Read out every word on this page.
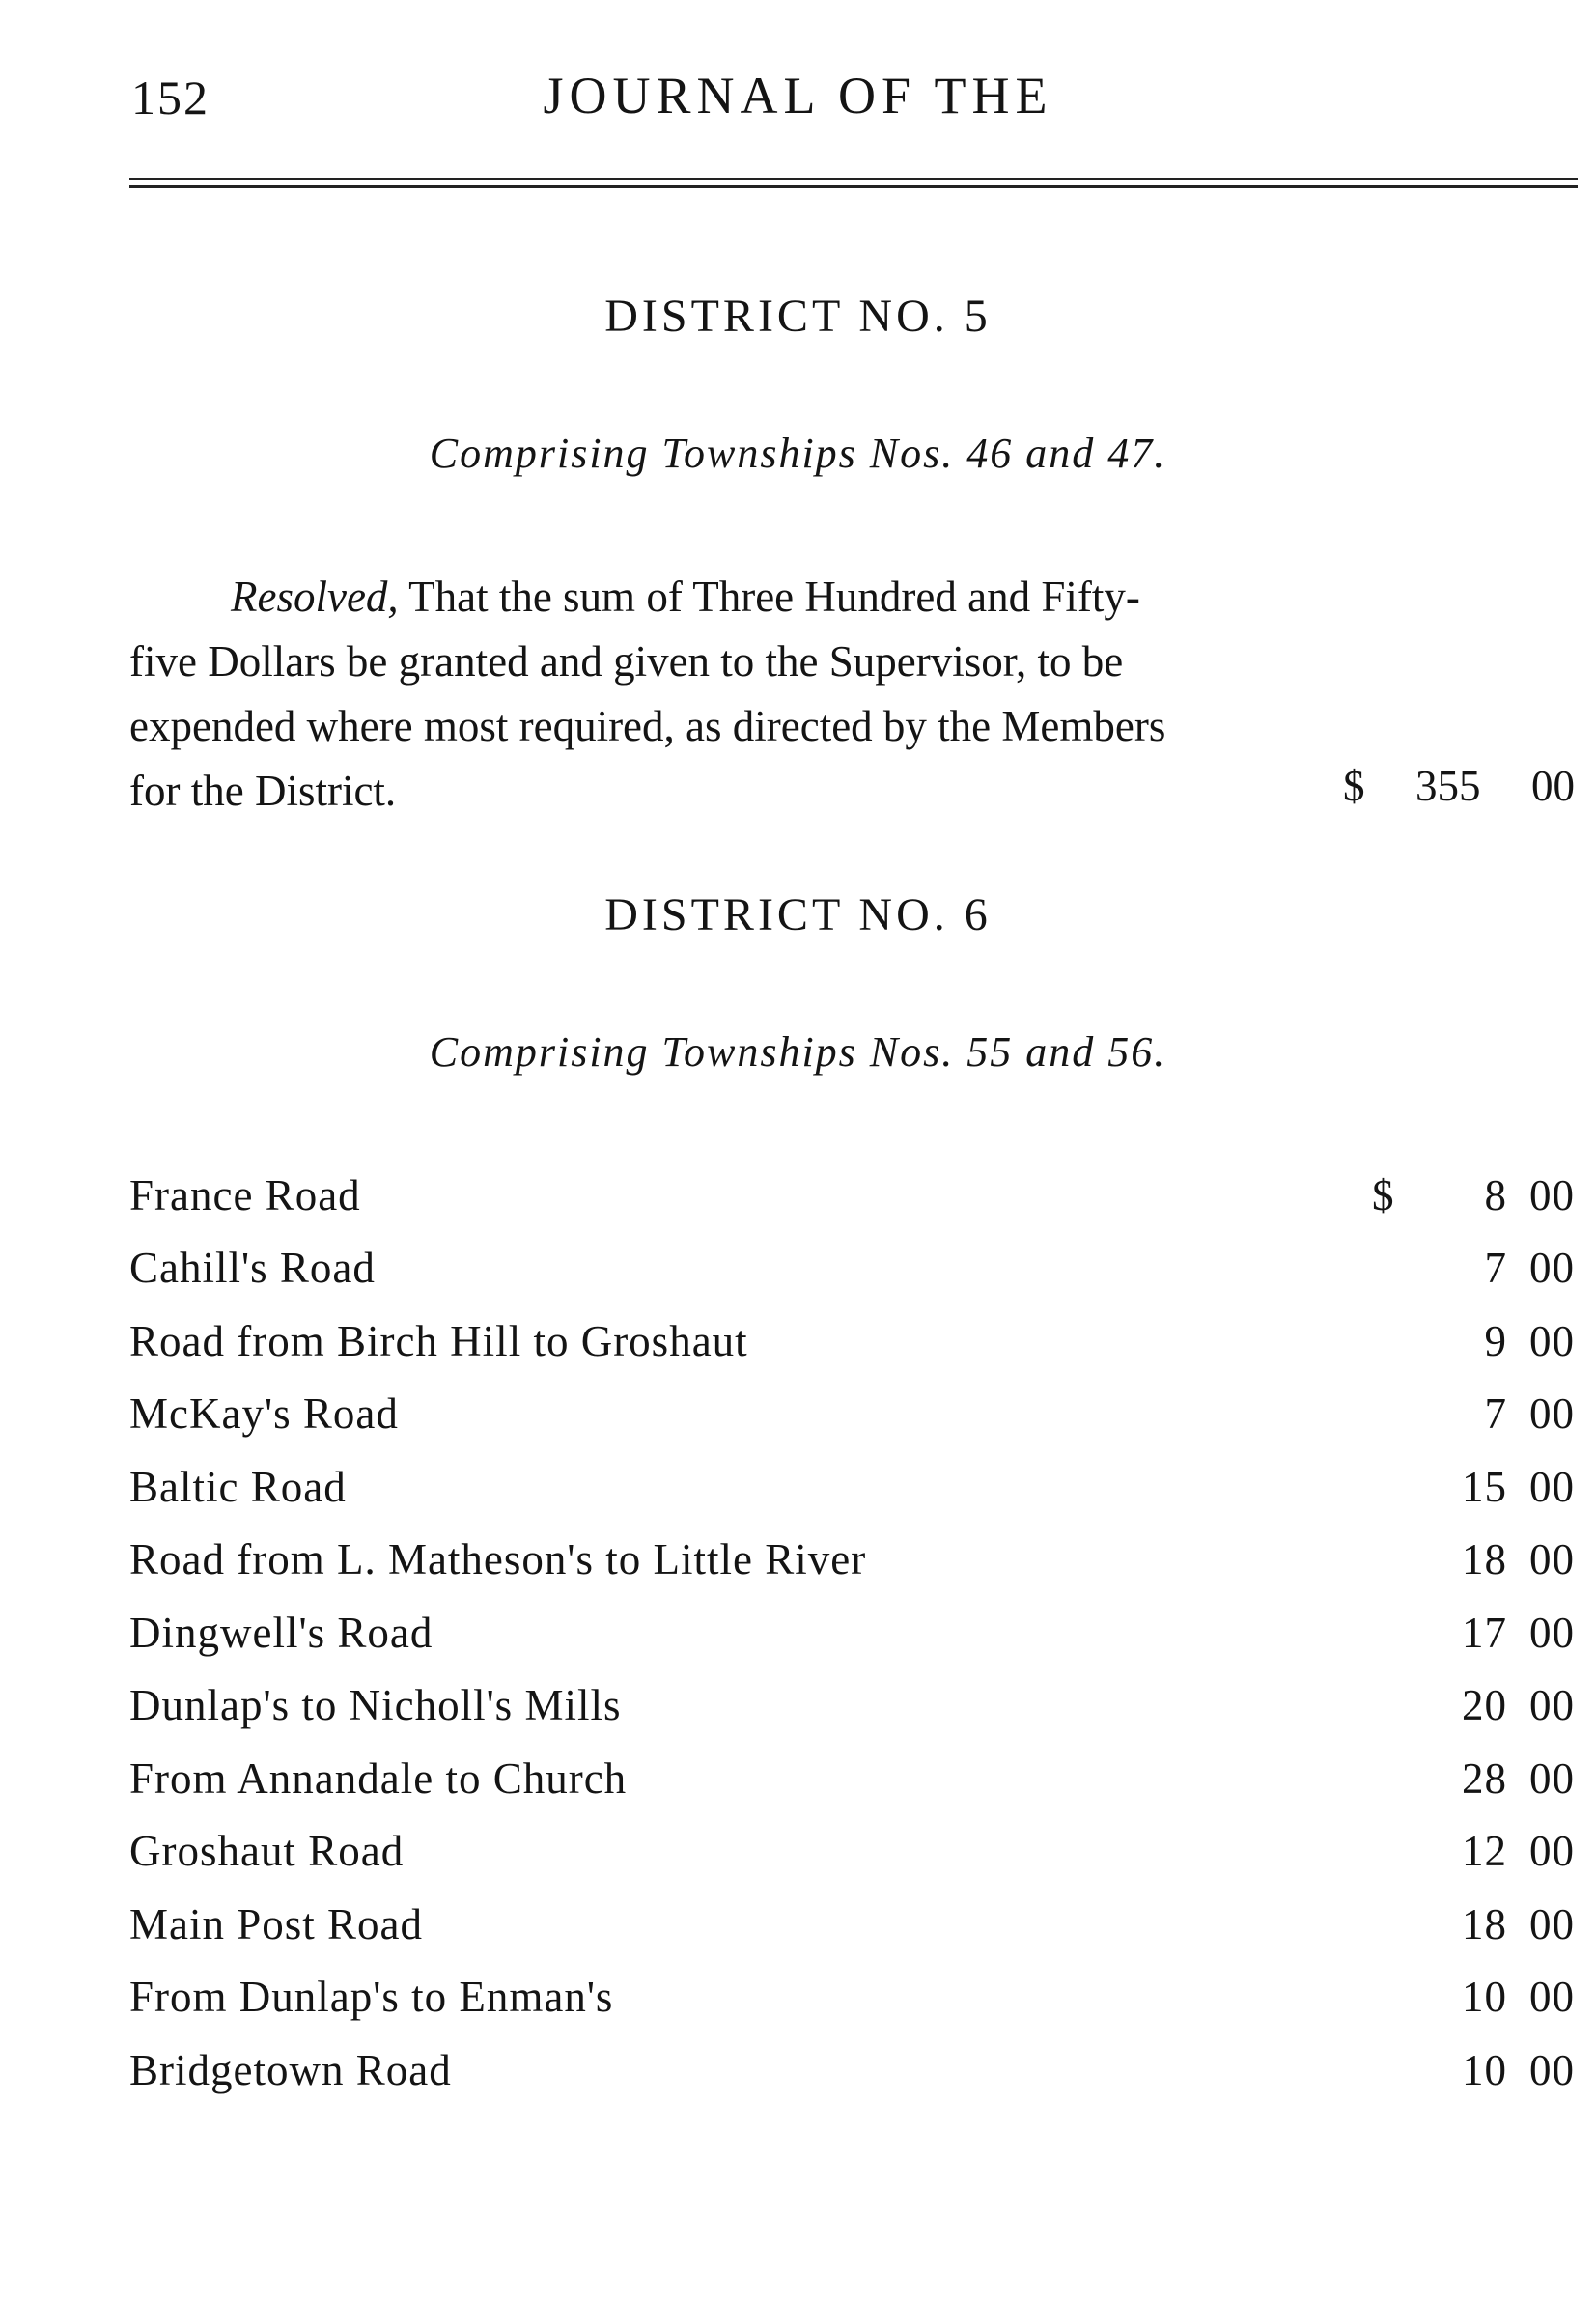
152	JOURNAL OF THE
DISTRICT NO. 5
Comprising Townships Nos. 46 and 47.
Resolved, That the sum of Three Hundred and Fifty-
five Dollars be granted and given to the Supervisor, to be
expended where most required, as directed by the Members
for the District.	$ 355 00
DISTRICT NO. 6
Comprising Townships Nos. 55 and 56.
France Road	$	8 00
Cahill's Road	7 00
Road from Birch Hill to Groshaut	9 00
McKay's Road	7 00
Baltic Road	15 00
Road from L. Matheson's to Little River	18 00
Dingwell's Road	17 00
Dunlap's to Nicholl's Mills	20 00
From Annandale to Church	28 00
Groshaut Road	12 00
Main Post Road	18 00
From Dunlap's to Enman's	10 00
Bridgetown Road	10 00
